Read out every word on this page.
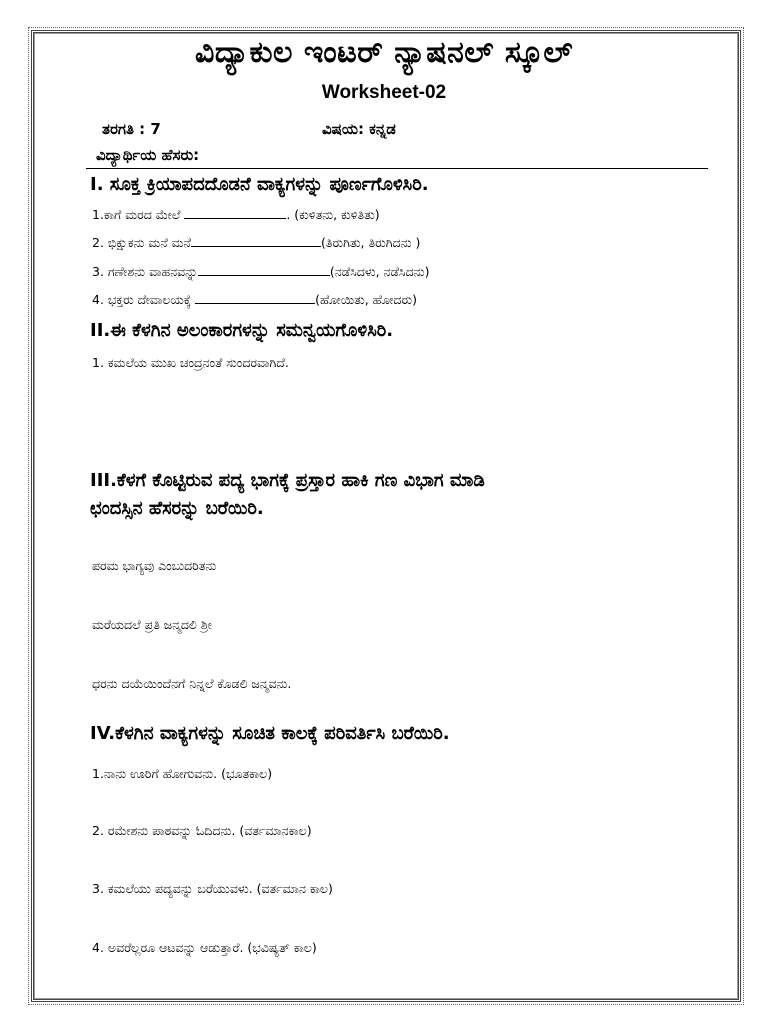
ವಿದ್ಯಾಕುಲ ಇಂಟರ್ ನ್ಯಾಷನಲ್ ಸ್ಕೂಲ್
Worksheet-02
ತರಗತಿ : 7	ವಿಷಯ: ಕನ್ನಡ
ವಿದ್ಯಾರ್ಥಿಯ ಹೆಸರು:
I. ಸೂಕ್ತ ಕ್ರಿಯಾಪದದೊಡನೆ ವಾಕ್ಯಗಳನ್ನು ಪೂರ್ಣಗೊಳಿಸಿರಿ.
1.ಕಾಗೆ ಮರದ ಮೇಲೆ	. (ಕುಳಿತನು, ಕುಳಿತಿತು)
2. ಭಿಕ್ಷುಕನು ಮನೆ ಮನೆ	(ತಿರುಗಿತು, ತಿರುಗಿದನು )
3. ಗಣೇಶನು ವಾಹನವನ್ನು	(ನಡೆಸಿದಳು, ನಡೆಸಿದನು)
4. ಭಕ್ತರು ದೇವಾಲಯಕ್ಕೆ	(ಹೋಯಿತು, ಹೋದರು)
II.ಈ ಕೆಳಗಿನ ಅಲಂಕಾರಗಳನ್ನು ಸಮನ್ವಯಗೊಳಿಸಿರಿ.
1. ಕಮಲೆಯ ಮುಖ ಚಂದ್ರನಂತೆ ಸುಂದರವಾಗಿದೆ.
III.ಕೆಳಗೆ ಕೊಟ್ಟಿರುವ ಪದ್ಯ ಭಾಗಕ್ಕೆ ಪ್ರಸ್ತಾರ ಹಾಕಿ ಗಣ ವಿಭಾಗ ಮಾಡಿ
ಛಂದಸ್ಸಿನ ಹೆಸರನ್ನು ಬರೆಯಿರಿ.
ಪರಮ ಭಾಗ್ಯವು ಎಂಬುದರಿತನು
ಮರೆಯದಲೆ ಪ್ರತಿ ಜನ್ಮದಲಿ ಶ್ರೀ
ಧರನು ದಯೆಯಿಂದೆನಗೆ ನಿನ್ನಲೆ ಕೊಡಲಿ ಜನ್ಮವನು.
IV.ಕೆಳಗಿನ ವಾಕ್ಯಗಳನ್ನು ಸೂಚಿತ ಕಾಲಕ್ಕೆ ಪರಿವರ್ತಿಸಿ ಬರೆಯಿರಿ.
1.ನಾನು ಊರಿಗೆ ಹೋಗುವನು. (ಭೂತಕಾಲ)
2. ರಮೇಶನು ಪಾಠವನ್ನು ಓದಿದನು. (ವರ್ತಮಾನಕಾಲ)
3. ಕಮಲೆಯು ಪದ್ಯವನ್ನು ಬರೆಯುವಳು. (ವರ್ತಮಾನ ಕಾಲ)
4. ಅವರೆಲ್ಲರೂ ಆಟವನ್ನು ಆಡುತ್ತಾರೆ. (ಭವಿಷ್ಯತ್ ಕಾಲ)
